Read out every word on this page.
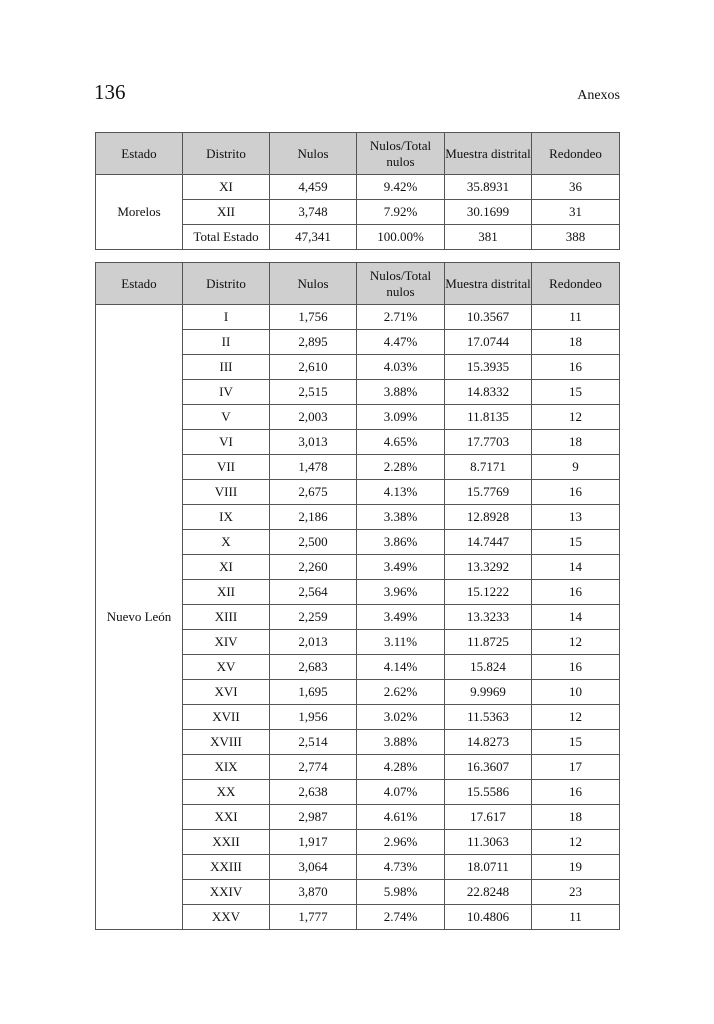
136	Anexos
Estado	Distrito	Nulos	Nulos/Total nulos	Muestra distrital	Redondeo
Morelos	XI	4,459	9.42%	35.8931	36
	XII	3,748	7.92%	30.1699	31
	Total Estado	47,341	100.00%	381	388
Estado	Distrito	Nulos	Nulos/Total nulos	Muestra distrital	Redondeo
Nuevo León	I	1,756	2.71%	10.3567	11
	II	2,895	4.47%	17.0744	18
	III	2,610	4.03%	15.3935	16
	IV	2,515	3.88%	14.8332	15
	V	2,003	3.09%	11.8135	12
	VI	3,013	4.65%	17.7703	18
	VII	1,478	2.28%	8.7171	9
	VIII	2,675	4.13%	15.7769	16
	IX	2,186	3.38%	12.8928	13
	X	2,500	3.86%	14.7447	15
	XI	2,260	3.49%	13.3292	14
	XII	2,564	3.96%	15.1222	16
	XIII	2,259	3.49%	13.3233	14
	XIV	2,013	3.11%	11.8725	12
	XV	2,683	4.14%	15.824	16
	XVI	1,695	2.62%	9.9969	10
	XVII	1,956	3.02%	11.5363	12
	XVIII	2,514	3.88%	14.8273	15
	XIX	2,774	4.28%	16.3607	17
	XX	2,638	4.07%	15.5586	16
	XXI	2,987	4.61%	17.617	18
	XXII	1,917	2.96%	11.3063	12
	XXIII	3,064	4.73%	18.0711	19
	XXIV	3,870	5.98%	22.8248	23
	XXV	1,777	2.74%	10.4806	11
